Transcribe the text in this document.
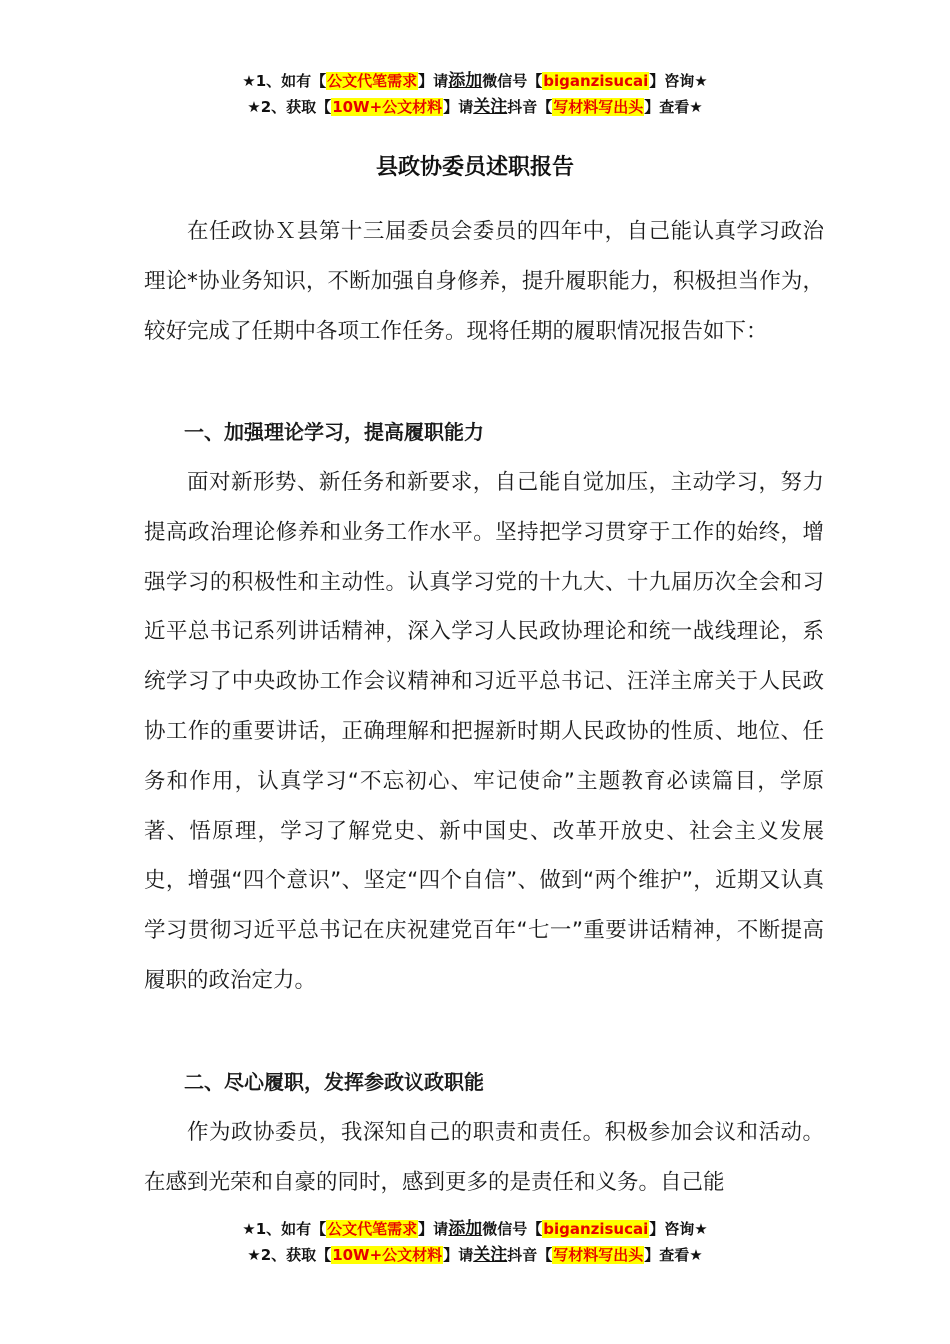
★1、如有【公文代笔需求】请添加微信号【biganzisucai】咨询★
★2、获取【10W+公文材料】请关注抖音【写材料写出头】查看★
县政协委员述职报告

在任政协Ｘ县第十三届委员会委员的四年中，自己能认真学习政治理论*协业务知识，不断加强自身修养，提升履职能力，积极担当作为，较好完成了任期中各项工作任务。现将任期的履职情况报告如下：

一、加强理论学习，提高履职能力

面对新形势、新任务和新要求，自己能自觉加压，主动学习，努力提高政治理论修养和业务工作水平。坚持把学习贯穿于工作的始终，增强学习的积极性和主动性。认真学习党的十九大、十九届历次全会和习近平总书记系列讲话精神，深入学习人民政协理论和统一战线理论，系统学习了中央政协工作会议精神和习近平总书记、汪洋主席关于人民政协工作的重要讲话，正确理解和把握新时期人民政协的性质、地位、任务和作用，认真学习“不忘初心、牢记使命”主题教育必读篇目，学原著、悟原理，学习了解党史、新中国史、改革开放史、社会主义发展史，增强“四个意识”、坚定“四个自信”、做到“两个维护”，近期又认真学习贯彻习近平总书记在庆祝建党百年“七一”重要讲话精神，不断提高履职的政治定力。

二、尽心履职，发挥参政议政职能

作为政协委员，我深知自己的职责和责任。积极参加会议和活动。在感到光荣和自豪的同时，感到更多的是责任和义务。自己能

★1、如有【公文代笔需求】请添加微信号【biganzisucai】咨询★
★2、获取【10W+公文材料】请关注抖音【写材料写出头】查看★
